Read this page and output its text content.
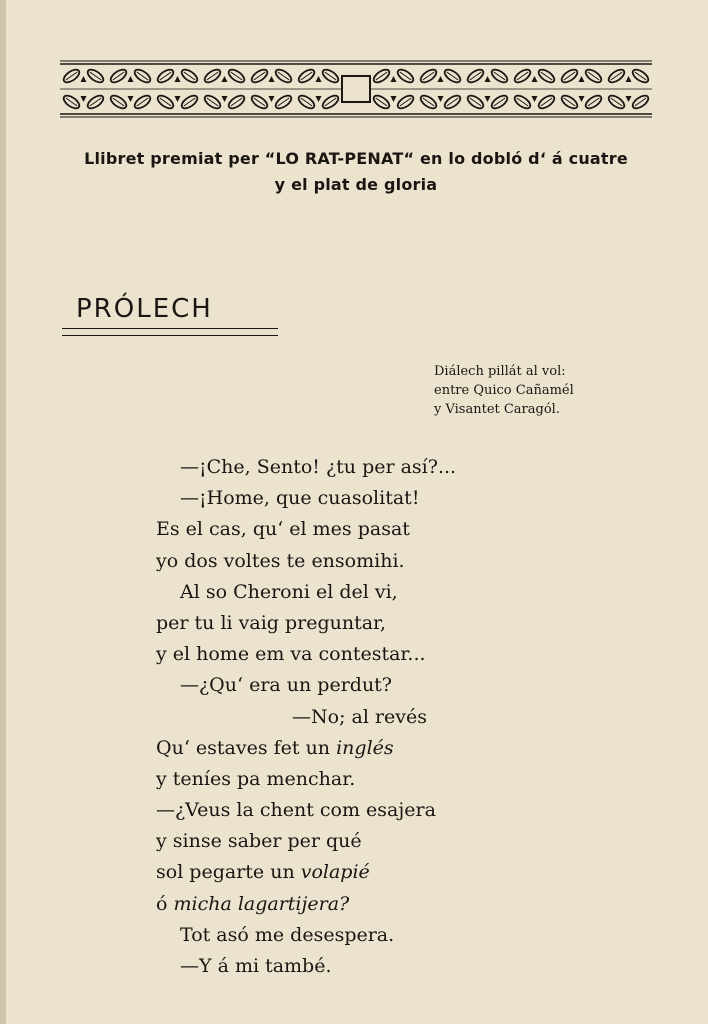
Llibret premiat per “LO RAT-PENAT“ en lo dobló d‘ á cuatre
y el plat de gloria
PRÓLECH
Diálech pillát al vol:
entre Quico Cañamél
y Visantet Caragól.
—¡Che, Sento! ¿tu per así?...
—¡Home, que cuasolitat!
Es el cas, qu‘ el mes pasat
yo dos voltes te ensomihi.
Al so Cheroni el del vi,
per tu li vaig preguntar,
y el home em va contestar...
—¿Qu‘ era un perdut?
—No; al revés
Qu‘ estaves fet un inglés
y teníes pa menchar.
—¿Veus la chent com esajera
y sinse saber per qué
sol pegarte un volapié
ó micha lagartijera?
Tot asó me desespera.
—Y á mi també.
